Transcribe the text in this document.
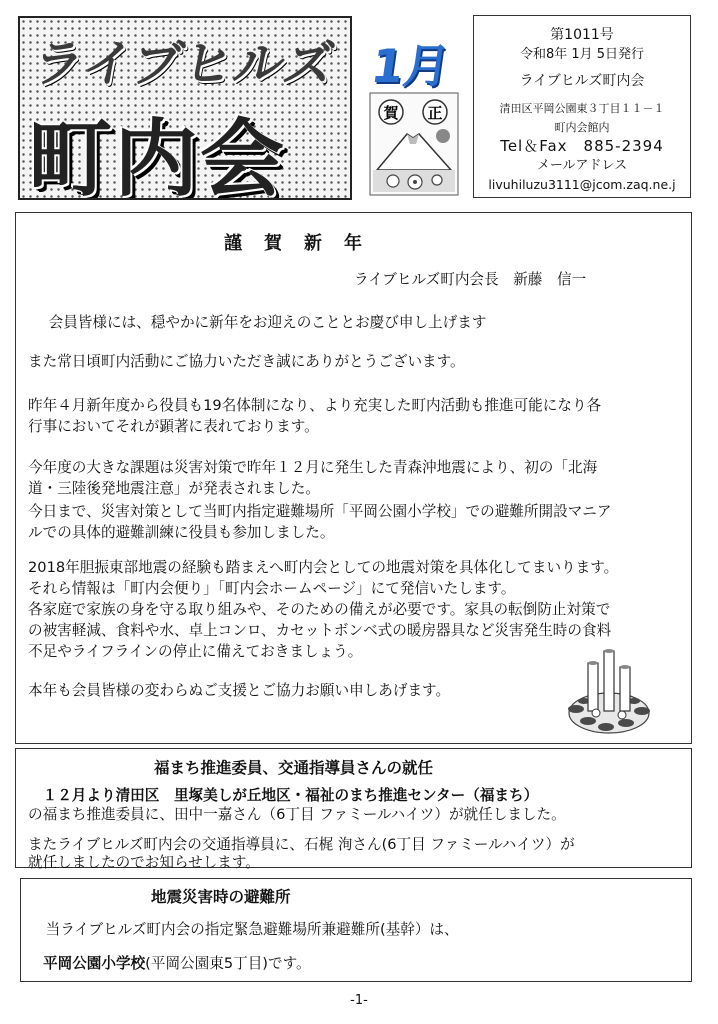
ライブヒルズ
町内会
1月
賀 正
第1011号
令和8年 1月 5日発行
ライブヒルズ町内会
清田区平岡公園東３丁目１１－１
町内会館内
Tel＆Fax　885-2394
メールアドレス
livuhiluzu3111@jcom.zaq.ne.j
謹　賀　新　年
ライブヒルズ町内会長　新藤　信一
　会員皆様には、穏やかに新年をお迎えのこととお慶び申し上げます
また常日頃町内活動にご協力いただき誠にありがとうございます。
昨年４月新年度から役員も19名体制になり、より充実した町内活動も推進可能になり各
行事においてそれが顕著に表れております。
今年度の大きな課題は災害対策で昨年１２月に発生した青森沖地震により、初の「北海
道・三陸後発地震注意」が発表されました。
今日まで、災害対策として当町内指定避難場所「平岡公園小学校」での避難所開設マニア
ルでの具体的避難訓練に役員も参加しました。
2018年胆振東部地震の経験も踏まえへ町内会としての地震対策を具体化してまいります。
それら情報は「町内会便り」「町内会ホームページ」にて発信いたします。
各家庭で家族の身を守る取り組みや、そのための備えが必要です。家具の転倒防止対策で
の被害軽減、食料や水、卓上コンロ、カセットボンベ式の暖房器具など災害発生時の食料
不足やライフラインの停止に備えておきましょう。
本年も会員皆様の変わらぬご支援とご協力お願い申しあげます。
福まち推進委員、交通指導員さんの就任
　１２月より清田区　里塚美しが丘地区・福祉のまち推進センター（福まち）
の福まち推進委員に、田中一嘉さん（6丁目 ファミールハイツ）が就任しました。
またライブヒルズ町内会の交通指導員に、石梶 洵さん(6丁目 ファミールハイツ）が
就任しましたのでお知らせします。
地震災害時の避難所
　当ライブヒルズ町内会の指定緊急避難場所兼避難所(基幹）は、
平岡公園小学校(平岡公園東5丁目)です。
-1-
